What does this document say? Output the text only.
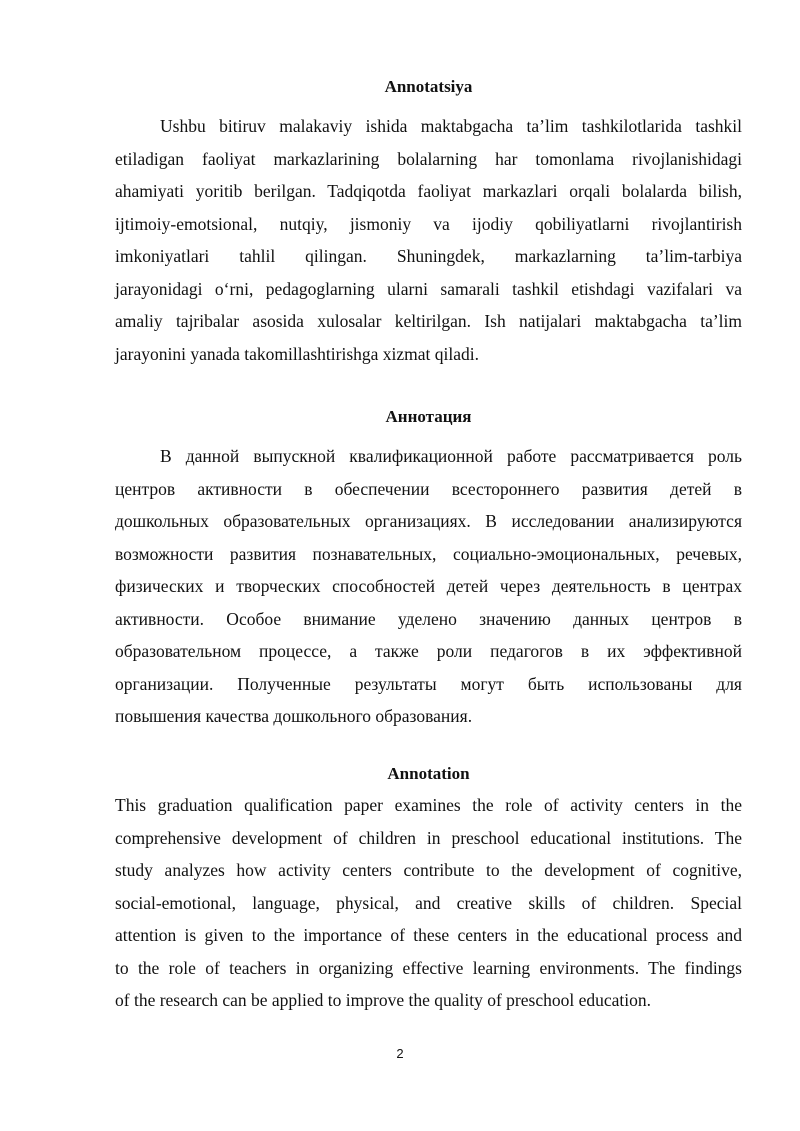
Annotatsiya
Ushbu bitiruv malakaviy ishida maktabgacha ta’lim tashkilotlarida tashkil
etiladigan faoliyat markazlarining bolalarning har tomonlama rivojlanishidagi
ahamiyati yoritib berilgan. Tadqiqotda faoliyat markazlari orqali bolalarda bilish,
ijtimoiy-emotsional, nutqiy, jismoniy va ijodiy qobiliyatlarni rivojlantirish
imkoniyatlari tahlil qilingan. Shuningdek, markazlarning ta’lim-tarbiya
jarayonidagi o‘rni, pedagoglarning ularni samarali tashkil etishdagi vazifalari va
amaliy tajribalar asosida xulosalar keltirilgan. Ish natijalari maktabgacha ta’lim
jarayonini yanada takomillashtirishga xizmat qiladi.
Аннотация
В данной выпускной квалификационной работе рассматривается роль
центров активности в обеспечении всестороннего развития детей в
дошкольных образовательных организациях. В исследовании анализируются
возможности развития познавательных, социально-эмоциональных, речевых,
физических и творческих способностей детей через деятельность в центрах
активности. Особое внимание уделено значению данных центров в
образовательном процессе, а также роли педагогов в их эффективной
организации. Полученные результаты могут быть использованы для
повышения качества дошкольного образования.
Annotation
This graduation qualification paper examines the role of activity centers in the
comprehensive development of children in preschool educational institutions. The
study analyzes how activity centers contribute to the development of cognitive,
social-emotional, language, physical, and creative skills of children. Special
attention is given to the importance of these centers in the educational process and
to the role of teachers in organizing effective learning environments. The findings
of the research can be applied to improve the quality of preschool education.
2
